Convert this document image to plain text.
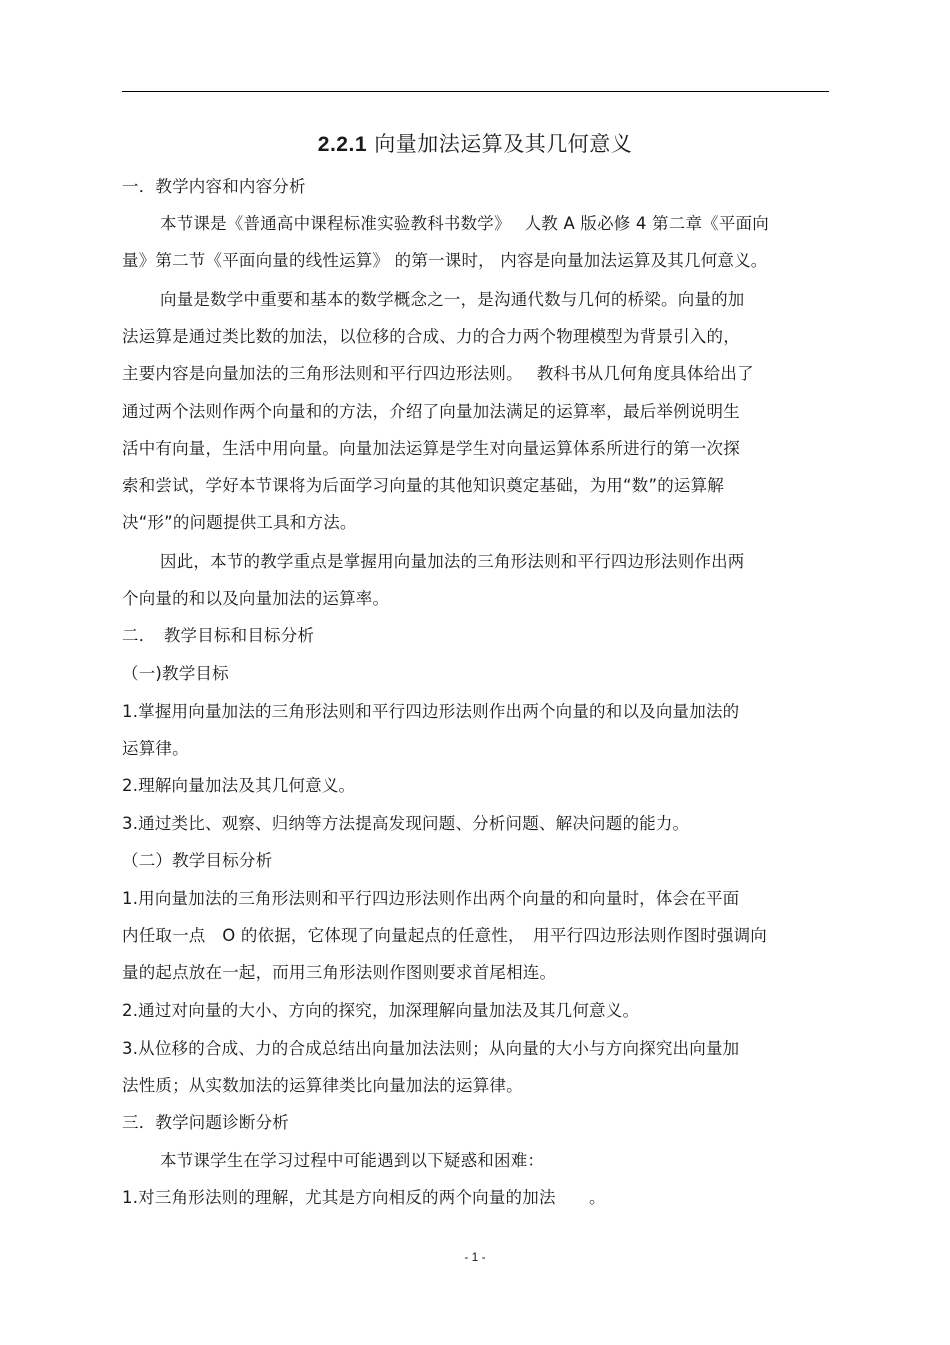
2.2.1 向量加法运算及其几何意义
一．教学内容和内容分析
本节课是《普通高中课程标准实验教科书数学》　 人教 A 版必修 4 第二章《平面向
量》第二节《平面向量的线性运算》 的第一课时， 内容是向量加法运算及其几何意义。
向量是数学中重要和基本的数学概念之一，是沟通代数与几何的桥梁。向量的加
法运算是通过类比数的加法，以位移的合成、力的合力两个物理模型为背景引入的，
主要内容是向量加法的三角形法则和平行四边形法则。　 教科书从几何角度具体给出了
通过两个法则作两个向量和的方法，介绍了向量加法满足的运算率，最后举例说明生
活中有向量，生活中用向量。向量加法运算是学生对向量运算体系所进行的第一次探
索和尝试，学好本节课将为后面学习向量的其他知识奠定基础，为用“数”的运算解
决“形”的问题提供工具和方法。
因此，本节的教学重点是掌握用向量加法的三角形法则和平行四边形法则作出两
个向量的和以及向量加法的运算率。
二．　教学目标和目标分析
（一)教学目标
1.掌握用向量加法的三角形法则和平行四边形法则作出两个向量的和以及向量加法的
运算律。
2.理解向量加法及其几何意义。
3.通过类比、观察、归纳等方法提高发现问题、分析问题、解决问题的能力。
（二）教学目标分析
1.用向量加法的三角形法则和平行四边形法则作出两个向量的和向量时，体会在平面
内任取一点　O 的依据，它体现了向量起点的任意性，　用平行四边形法则作图时强调向
量的起点放在一起，而用三角形法则作图则要求首尾相连。
2.通过对向量的大小、方向的探究，加深理解向量加法及其几何意义。
3.从位移的合成、力的合成总结出向量加法法则；从向量的大小与方向探究出向量加
法性质；从实数加法的运算律类比向量加法的运算律。
三．教学问题诊断分析
本节课学生在学习过程中可能遇到以下疑惑和困难：
1.对三角形法则的理解，尤其是方向相反的两个向量的加法　　。
- 1 -
